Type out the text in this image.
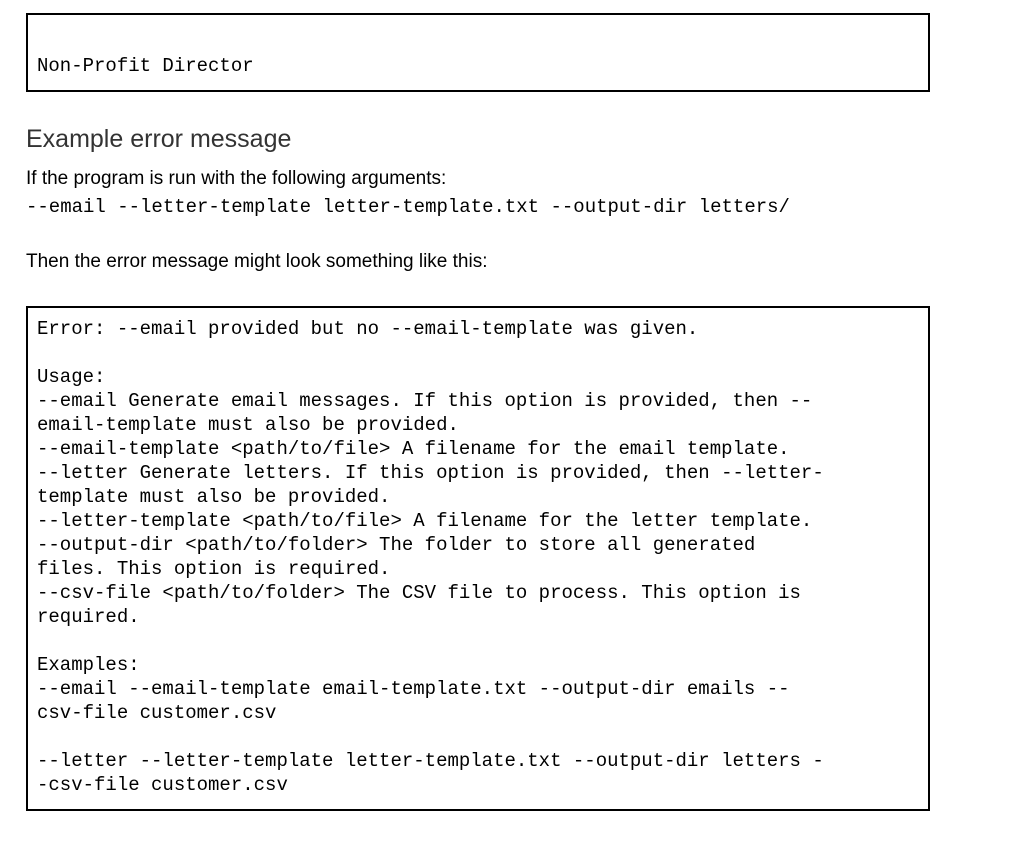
Non-Profit Director
Example error message

If the program is run with the following arguments:

--email --letter-template letter-template.txt --output-dir letters/

Then the error message might look something like this:

Error: --email provided but no --email-template was given.

Usage:
--email Generate email messages. If this option is provided, then --
email-template must also be provided.
--email-template <path/to/file> A filename for the email template.
--letter Generate letters. If this option is provided, then --letter-
template must also be provided.
--letter-template <path/to/file> A filename for the letter template.
--output-dir <path/to/folder> The folder to store all generated
files. This option is required.
--csv-file <path/to/folder> The CSV file to process. This option is
required.

Examples:
--email --email-template email-template.txt --output-dir emails --
csv-file customer.csv

--letter --letter-template letter-template.txt --output-dir letters -
-csv-file customer.csv
